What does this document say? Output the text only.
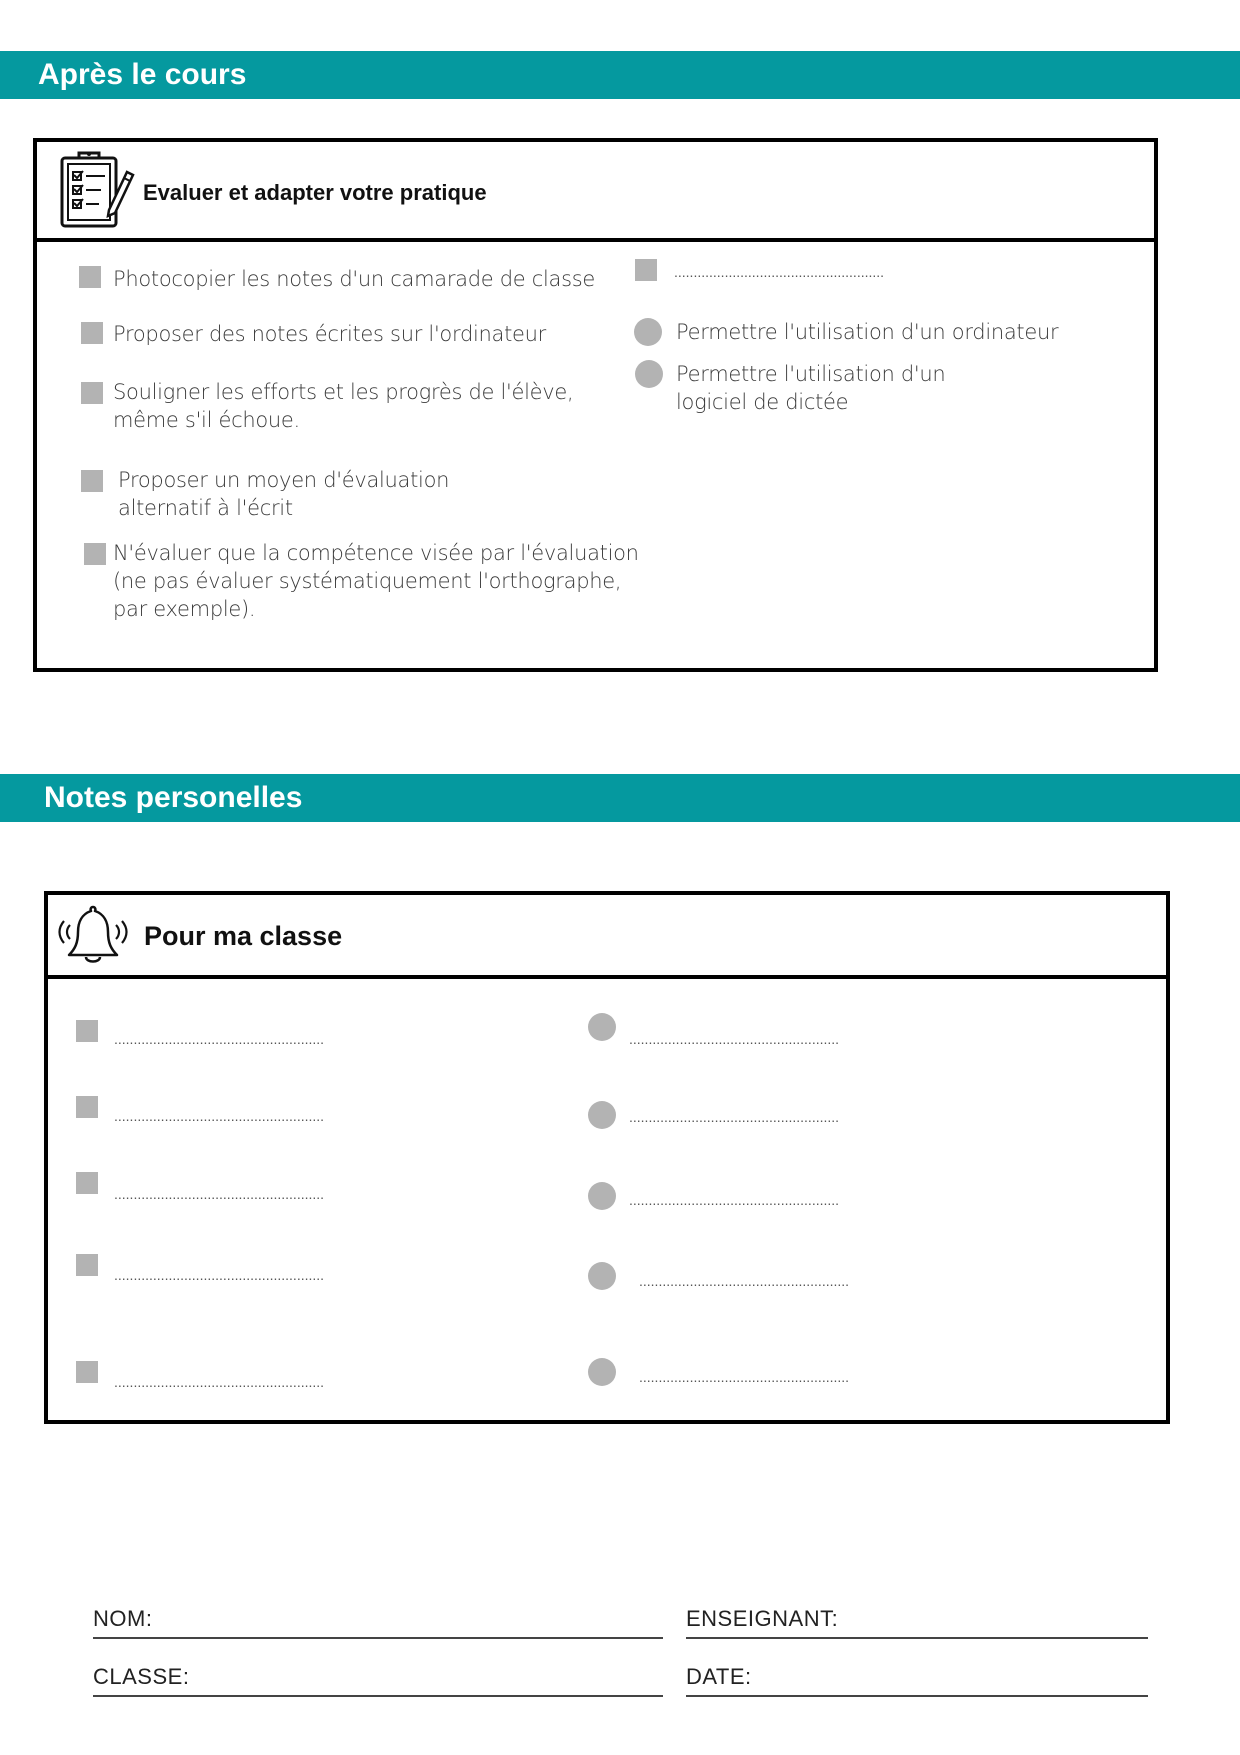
Après le cours
Evaluer et adapter votre pratique
Photocopier les notes d'un camarade de classe
Proposer des notes écrites sur l'ordinateur
Souligner les efforts et les progrès de l'élève,
même s'il échoue.
Proposer un moyen d'évaluation
alternatif à l'écrit
N'évaluer que la compétence visée par l'évaluation
(ne pas évaluer systématiquement l'orthographe,
par exemple).
......................................................
Permettre l'utilisation d'un ordinateur
Permettre l'utilisation d'un
logiciel de dictée
Notes personelles
Pour ma classe
......................................................
......................................................
......................................................
......................................................
......................................................
......................................................
......................................................
......................................................
......................................................
......................................................
NOM:	ENSEIGNANT:
CLASSE:	DATE:
